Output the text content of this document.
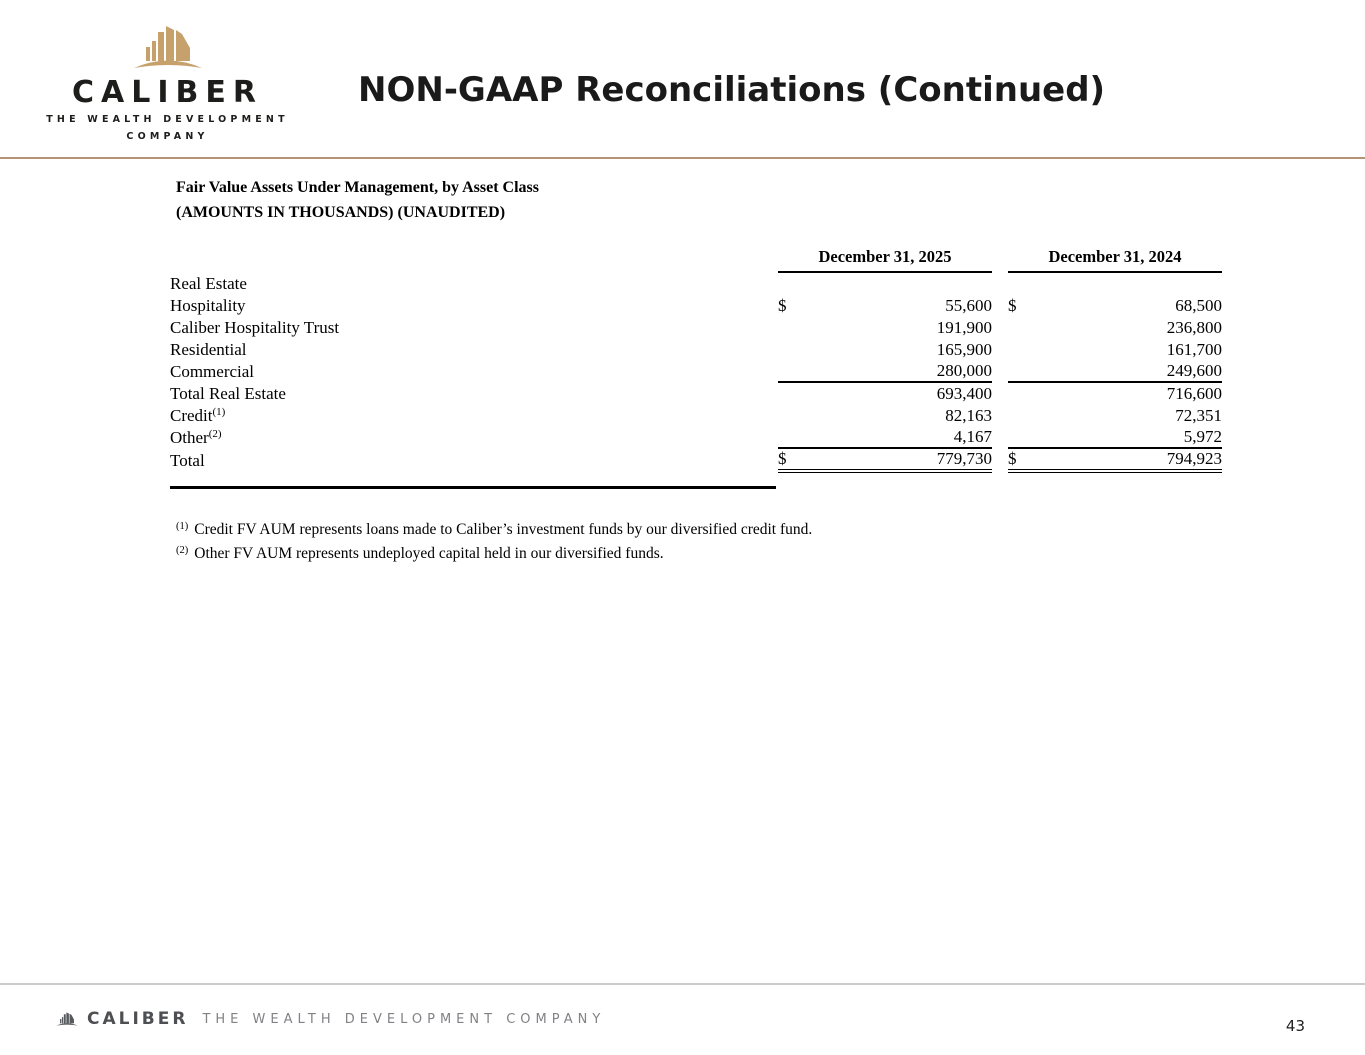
CALIBER
THE WEALTH DEVELOPMENT
COMPANY
NON-GAAP Reconciliations (Continued)
Fair Value Assets Under Management, by Asset Class
(AMOUNTS IN THOUSANDS) (UNAUDITED)
	December 31, 2025			December 31, 2024	
Real Estate					
Hospitality	$	55,600		$	68,500
Caliber Hospitality Trust		191,900			236,800
Residential		165,900			161,700
Commercial		280,000			249,600
Total Real Estate		693,400			716,600
Credit(1)		82,163			72,351
Other(2)		4,167			5,972
Total	$	779,730		$	794,923
(1) Credit FV AUM represents loans made to Caliber’s investment funds by our diversified credit fund.
(2) Other FV AUM represents undeployed capital held in our diversified funds.
CALIBER THE WEALTH DEVELOPMENT COMPANY	43
